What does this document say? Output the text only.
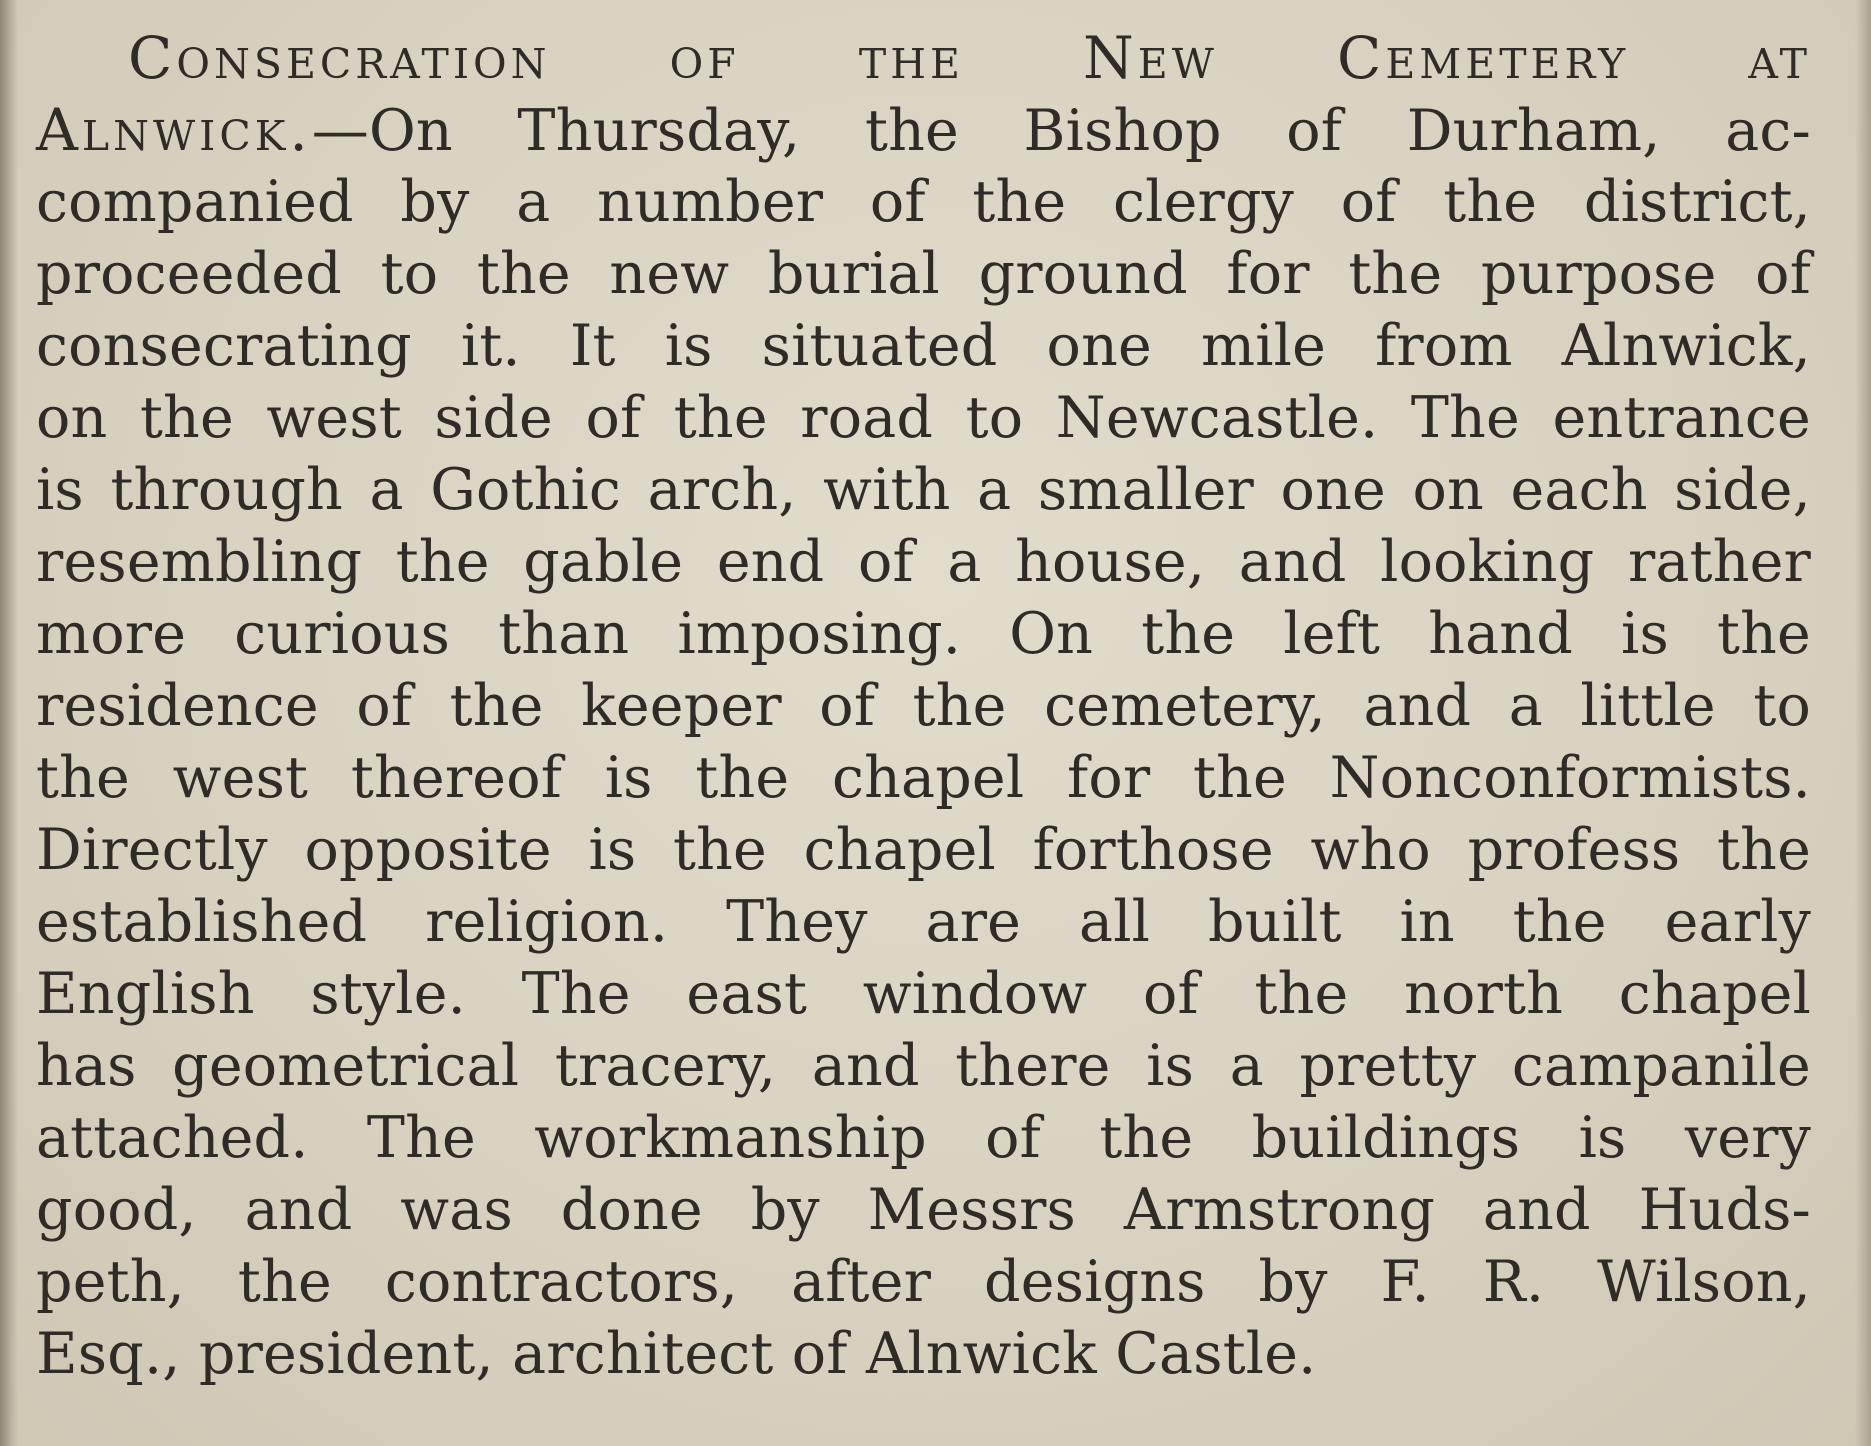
Consecration of the New Cemetery at
Alnwick.—On Thursday, the Bishop of Durham, ac-
companied by a number of the clergy of the district,
proceeded to the new burial ground for the purpose of
consecrating it. It is situated one mile from Alnwick,
on the west side of the road to Newcastle. The entrance
is through a Gothic arch, with a smaller one on each side,
resembling the gable end of a house, and looking rather
more curious than imposing. On the left hand is the
residence of the keeper of the cemetery, and a little to
the west thereof is the chapel for the Nonconformists.
Directly opposite is the chapel forthose who profess the
established religion. They are all built in the early
English style. The east window of the north chapel
has geometrical tracery, and there is a pretty campanile
attached. The workmanship of the buildings is very
good, and was done by Messrs Armstrong and Huds-
peth, the contractors, after designs by F. R. Wilson,
Esq., president, architect of Alnwick Castle.
